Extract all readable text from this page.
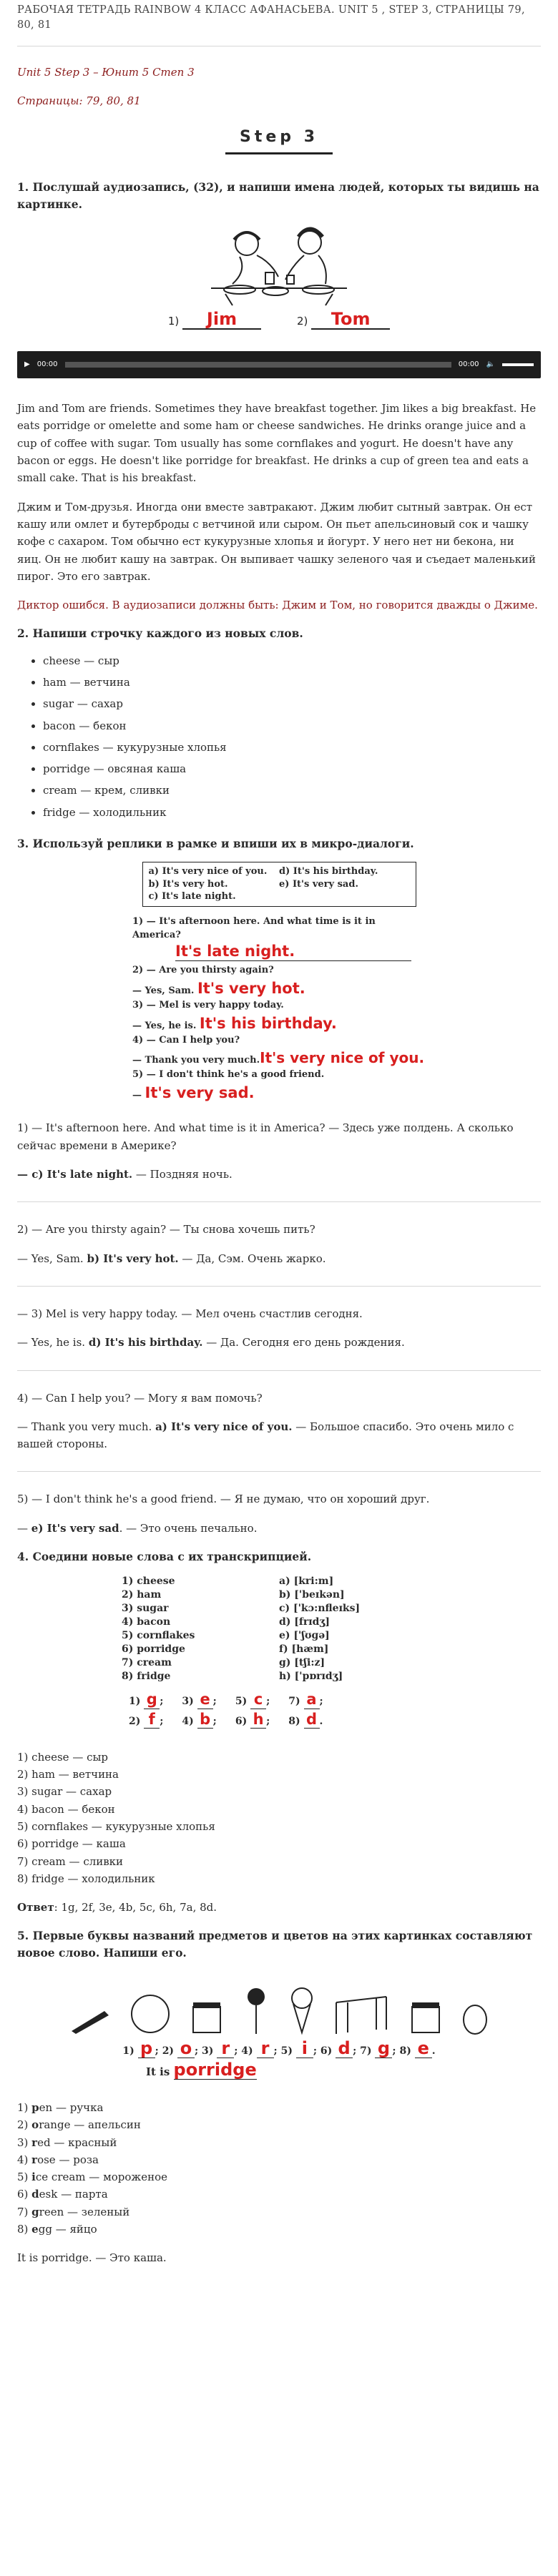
РАБОЧАЯ ТЕТРАДЬ RAINBOW 4 КЛАСС АФАНАСЬЕВА. UNIT 5 , STEP 3, СТРАНИЦЫ 79, 80, 81

Unit 5 Step 3 – Юнит 5 Степ 3

Страницы: 79, 80, 81

Step 3
1. Послушай аудиозапись, (32), и напиши имена людей, которых ты видишь на картинке.
1) Jim	2) Tom
▶ 00:00	00:00 🔈

Jim and Tom are friends. Sometimes they have breakfast together. Jim likes a big breakfast. He eats porridge or omelette and some ham or cheese sandwiches. He drinks orange juice and a cup of coffee with sugar. Tom usually has some cornflakes and yogurt. He doesn't have any bacon or eggs. He doesn't like porridge for breakfast. He drinks a cup of green tea and eats a small cake. That is his breakfast.

Джим и Том-друзья. Иногда они вместе завтракают. Джим любит сытный завтрак. Он ест кашу или омлет и бутерброды с ветчиной или сыром. Он пьет апельсиновый сок и чашку кофе с сахаром. Том обычно ест кукурузные хлопья и йогурт. У него нет ни бекона, ни яиц. Он не любит кашу на завтрак. Он выпивает чашку зеленого чая и съедает маленький пирог. Это его завтрак.

Диктор ошибся. В аудиозаписи должны быть: Джим и Том, но говорится дважды о Джиме.

2. Напиши строчку каждого из новых слов.
• cheese — сыр
• ham — ветчина
• sugar — сахар
• bacon — бекон
• cornflakes — кукурузные хлопья
• porridge — овсяная каша
• cream — крем, сливки
• fridge — холодильник
3. Используй реплики в рамке и впиши их в микро-диалоги.
a) It's very nice of you.	d) It's his birthday.
b) It's very hot.	e) It's very sad.
c) It's late night.
1) — It's afternoon here. And what time is it in America?
It's late night.
2) — Are you thirsty again?
— Yes, Sam. It's very hot.
3) — Mel is very happy today.
— Yes, he is. It's his birthday.
4) — Can I help you?
— Thank you very much.It's very nice of you.
5) — I don't think he's a good friend.
— It's very sad.

1) — It's afternoon here. And what time is it in America? — Здесь уже полдень. А сколько сейчас времени в Америке?

— c) It's late night. — Поздняя ночь.

2) — Are you thirsty again? — Ты снова хочешь пить?

— Yes, Sam. b) It's very hot. — Да, Сэм. Очень жарко.

— 3) Mel is very happy today. — Мел очень счастлив сегодня.

— Yes, he is. d) It's his birthday. — Да. Сегодня его день рождения.

4) — Can I help you? — Могу я вам помочь?

— Thank you very much. a) It's very nice of you. — Большое спасибо. Это очень мило с вашей стороны.

5) — I don't think he's a good friend. — Я не думаю, что он хороший друг.

— e) It's very sad. — Это очень печально.

4. Соедини новые слова с их транскрипцией.
1) cheese	a) [kri:m]
2) ham	b) ['beɪkən]
3) sugar	c) ['kɔ:nfleɪks]
4) bacon	d) [frɪdʒ]
5) cornflakes	e) ['ʃʊɡə]
6) porridge	f) [hæm]
7) cream	g) [tʃi:z]
8) fridge	h) ['pɒrɪdʒ]
1) g ; 3) e ; 5) c ; 7) a ;
2) f ; 4) b ; 6) h ; 8) d .
1) cheese — сыр
2) ham — ветчина
3) sugar — сахар
4) bacon — бекон
5) cornflakes — кукурузные хлопья
6) porridge — каша
7) cream — сливки
8) fridge — холодильник

Ответ: 1g, 2f, 3e, 4b, 5c, 6h, 7a, 8d.

5. Первые буквы названий предметов и цветов на этих картинках составляют новое слово. Напиши его.
1) p ; 2) o ; 3) r ; 4) r ; 5) i ; 6) d ; 7) g ; 8) e .
It is porridge
1) pen — ручка
2) orange — апельсин
3) red — красный
4) rose — роза
5) ice cream — мороженое
6) desk — парта
7) green — зеленый
8) egg — яйцо

It is porridge. — Это каша.
